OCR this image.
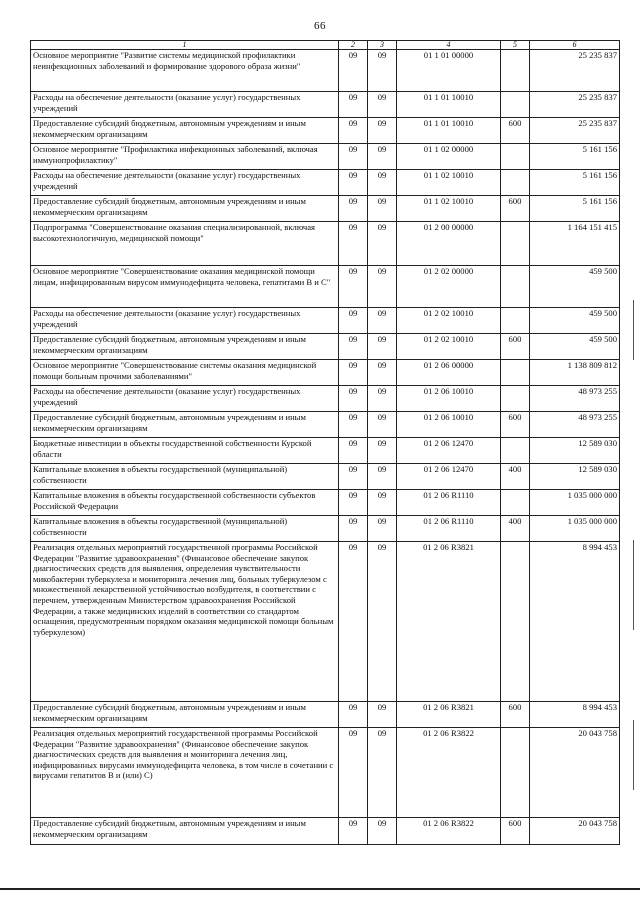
66
1	2	3	4	5	6
Основное мероприятие "Развитие системы медицинской профилактики неинфекционных заболеваний и формирование здорового образа жизни"	09	09	01 1 01 00000		25 235 837
Расходы на обеспечение деятельности (оказание услуг) государственных учреждений	09	09	01 1 01 10010		25 235 837
Предоставление субсидий бюджетным, автономным учреждениям и иным некоммерческим организациям	09	09	01 1 01 10010	600	25 235 837
Основное мероприятие "Профилактика инфекционных заболеваний, включая иммунопрофилактику"	09	09	01 1 02 00000		5 161 156
Расходы на обеспечение деятельности (оказание услуг) государственных учреждений	09	09	01 1 02 10010		5 161 156
Предоставление субсидий бюджетным, автономным учреждениям и иным некоммерческим организациям	09	09	01 1 02 10010	600	5 161 156
Подпрограмма "Совершенствование оказания специализированной, включая высокотехнологичную, медицинской помощи"	09	09	01 2 00 00000		1 164 151 415
Основное мероприятие "Совершенствование оказания медицинской помощи лицам, инфицированным вирусом иммунодефицита человека, гепатитами В и С"	09	09	01 2 02 00000		459 500
Расходы на обеспечение деятельности (оказание услуг) государственных учреждений	09	09	01 2 02 10010		459 500
Предоставление субсидий бюджетным, автономным учреждениям и иным некоммерческим организациям	09	09	01 2 02 10010	600	459 500
Основное мероприятие "Совершенствование системы оказания медицинской помощи больным прочими заболеваниями"	09	09	01 2 06 00000		1 138 809 812
Расходы на обеспечение деятельности (оказание услуг) государственных учреждений	09	09	01 2 06 10010		48 973 255
Предоставление субсидий бюджетным, автономным учреждениям и иным некоммерческим организациям	09	09	01 2 06 10010	600	48 973 255
Бюджетные инвестиции в объекты государственной собственности Курской области	09	09	01 2 06 12470		12 589 030
Капитальные вложения в объекты государственной (муниципальной) собственности	09	09	01 2 06 12470	400	12 589 030
Капитальные вложения в объекты государственной собственности субъектов Российской Федерации	09	09	01 2 06 R1110		1 035 000 000
Капитальные вложения в объекты государственной (муниципальной) собственности	09	09	01 2 06 R1110	400	1 035 000 000
Реализация отдельных мероприятий государственной программы Российской Федерации "Развитие здравоохранения" (Финансовое обеспечение закупок диагностических средств для выявления, определения чувствительности микобактерии туберкулеза и мониторинга лечения лиц, больных туберкулезом с множественной лекарственной устойчивостью возбудителя, в соответствии с перечнем, утвержденным Министерством здравоохранения Российской Федерации, а также медицинских изделий в соответствии со стандартом оснащения, предусмотренным порядком оказания медицинской помощи больным туберкулезом)	09	09	01 2 06 R3821		8 994 453
Предоставление субсидий бюджетным, автономным учреждениям и иным некоммерческим организациям	09	09	01 2 06 R3821	600	8 994 453
Реализация отдельных мероприятий государственной программы Российской Федерации "Развитие здравоохранения" (Финансовое обеспечение закупок диагностических средств для выявления и мониторинга лечения лиц, инфицированных вирусами иммунодефицита человека, в том числе в сочетании с вирусами гепатитов В и (или) С)	09	09	01 2 06 R3822		20 043 758
Предоставление субсидий бюджетным, автономным учреждениям и иным некоммерческим организациям	09	09	01 2 06 R3822	600	20 043 758
